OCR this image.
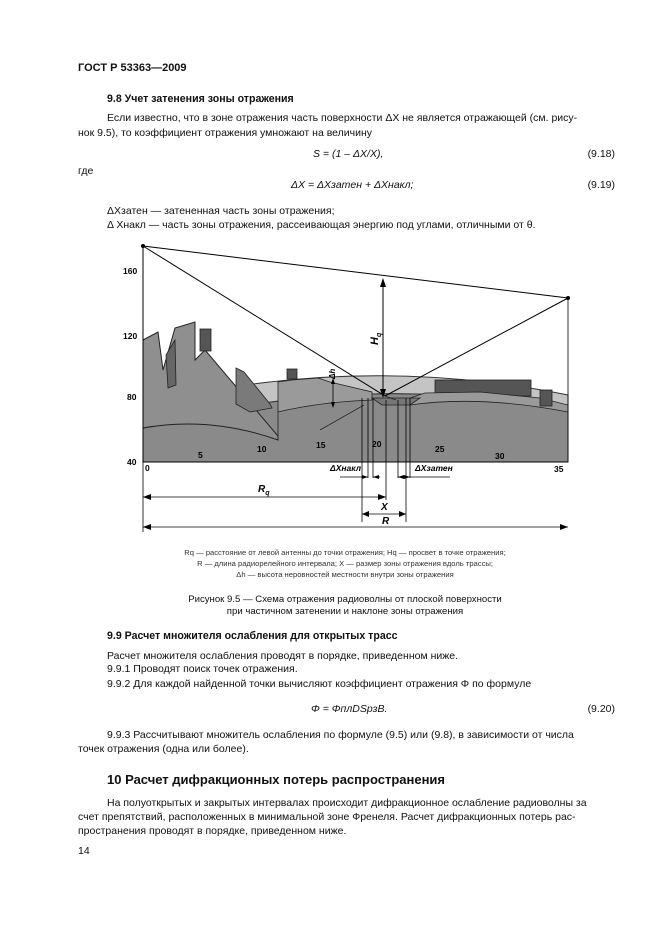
ГОСТ Р 53363—2009
9.8 Учет затенения зоны отражения
Если известно, что в зоне отражения часть поверхности ΔX не является отражающей (см. рису-
нок 9.5), то коэффициент отражения умножают на величину
S = (1 – ΔX/X),	(9.18)
где
ΔX = ΔXзатен + ΔXнакл;	(9.19)
ΔXзатен — затененная часть зоны отражения;
Δ Xнакл — часть зоны отражения, рассеивающая энергию под углами, отличными от θ.
160
120
80
40
0
5
10	15	20	25
30
35
$H_q$
Δh
ΔXнакл	ΔXзатен
$R_q$
X
R
Rq — расстояние от левой антенны до точки отражения; Hq — просвет в точке отражения;
R — длина радиорелейного интервала; X — размер зоны отражения вдоль трассы;
Δh — высота неровностей местности внутри зоны отражения
Рисунок 9.5 — Схема отражения радиоволны от плоской поверхности
при частичном затенении и наклоне зоны отражения
9.9 Расчет множителя ослабления для открытых трасс
Расчет множителя ослабления проводят в порядке, приведенном ниже.
9.9.1 Проводят поиск точек отражения.
9.9.2 Для каждой найденной точки вычисляют коэффициент отражения Φ по формуле
Φ = ΦплDSpзB.	(9.20)
9.9.3 Рассчитывают множитель ослабления по формуле (9.5) или (9.8), в зависимости от числа
точек отражения (одна или более).
10 Расчет дифракционных потерь распространения
На полуоткрытых и закрытых интервалах происходит дифракционное ослабление радиоволны за
счет препятствий, расположенных в минимальной зоне Френеля. Расчет дифракционных потерь рас-
пространения проводят в порядке, приведенном ниже.
14
